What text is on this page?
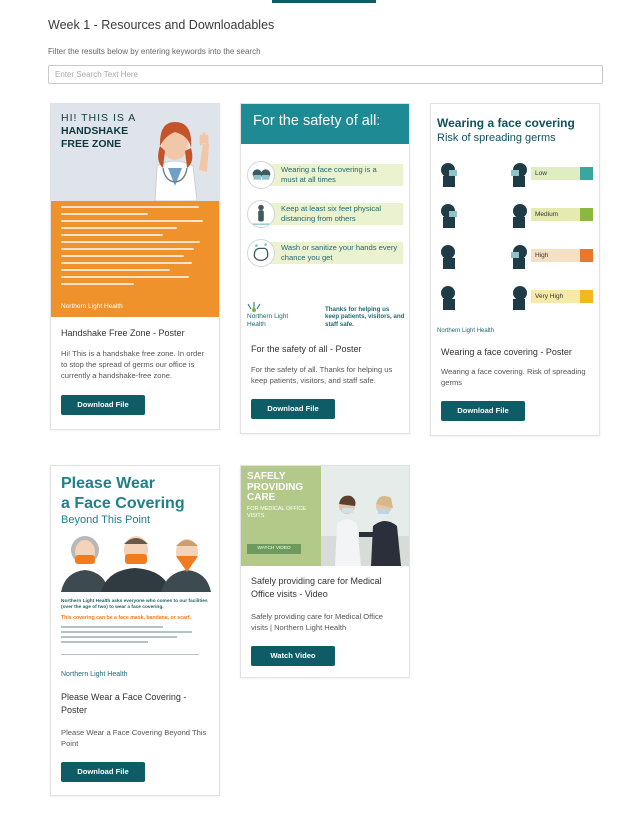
Week 1 - Resources and Downloadables
Filter the results below by entering keywords into the search
Enter Search Text Here
HI! THIS IS A
HANDSHAKE
FREE ZONE
Northern Light Health
Handshake Free Zone - Poster
Hi! This is a handshake free zone. In order to stop the spread of germs our office is currently a handshake-free zone.
Download File
For the safety of all:
Wearing a face covering is a must at all times
Keep at least six feet physical distancing from others
Wash or sanitize your hands every chance you get
Northern Light
Health
Thanks for helping us keep patients, visitors, and staff safe.
For the safety of all - Poster
For the safety of all. Thanks for helping us keep patients, visitors, and staff safe.
Download File
Wearing a face covering
Risk of spreading germs
Low
Medium
High
Very High
Northern Light Health
Wearing a face covering - Poster
Wearing a face covering. Risk of spreading germs
Download File
Please Wear
a Face Covering
Beyond This Point
Northern Light Health asks everyone who comes to our facilities (over the age of two) to wear a face covering.
This covering can be a face mask, bandana, or scarf.
Northern Light Health
Please Wear a Face Covering - Poster
Please Wear a Face Covering Beyond This Point
Download File
SAFELY
PROVIDING
CARE
FOR MEDICAL OFFICE
VISITS
WATCH VIDEO
Safely providing care for Medical Office visits - Video
Safely providing care for Medical Office visits | Northern Light Health
Watch Video
